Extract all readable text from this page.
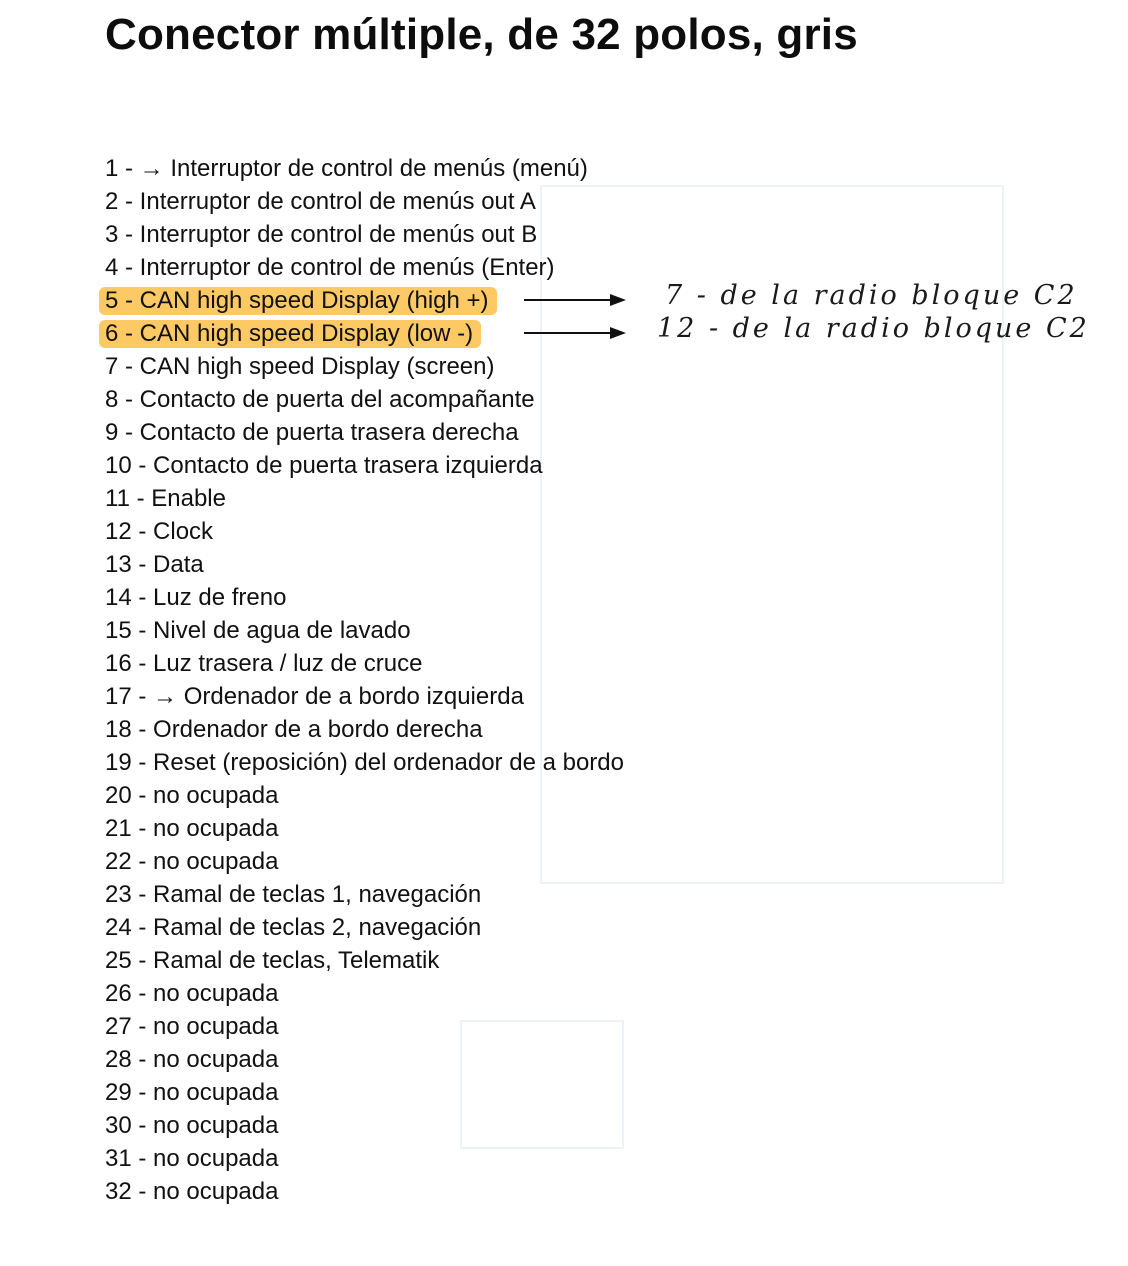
Conector múltiple, de 32 polos, gris
1 - → Interruptor de control de menús (menú)
2 - Interruptor de control de menús out A
3 - Interruptor de control de menús out B
4 - Interruptor de control de menús (Enter)
5 - CAN high speed Display (high +)
6 - CAN high speed Display (low -)
7 - CAN high speed Display (screen)
8 - Contacto de puerta del acompañante
9 - Contacto de puerta trasera derecha
10 - Contacto de puerta trasera izquierda
11 - Enable
12 - Clock
13 - Data
14 - Luz de freno
15 - Nivel de agua de lavado
16 - Luz trasera / luz de cruce
17 - → Ordenador de a bordo izquierda
18 - Ordenador de a bordo derecha
19 - Reset (reposición) del ordenador de a bordo
20 - no ocupada
21 - no ocupada
22 - no ocupada
23 - Ramal de teclas 1, navegación
24 - Ramal de teclas 2, navegación
25 - Ramal de teclas, Telematik
26 - no ocupada
27 - no ocupada
28 - no ocupada
29 - no ocupada
30 - no ocupada
31 - no ocupada
32 - no ocupada
7 - de la radio bloque C2
12 - de la radio bloque C2
